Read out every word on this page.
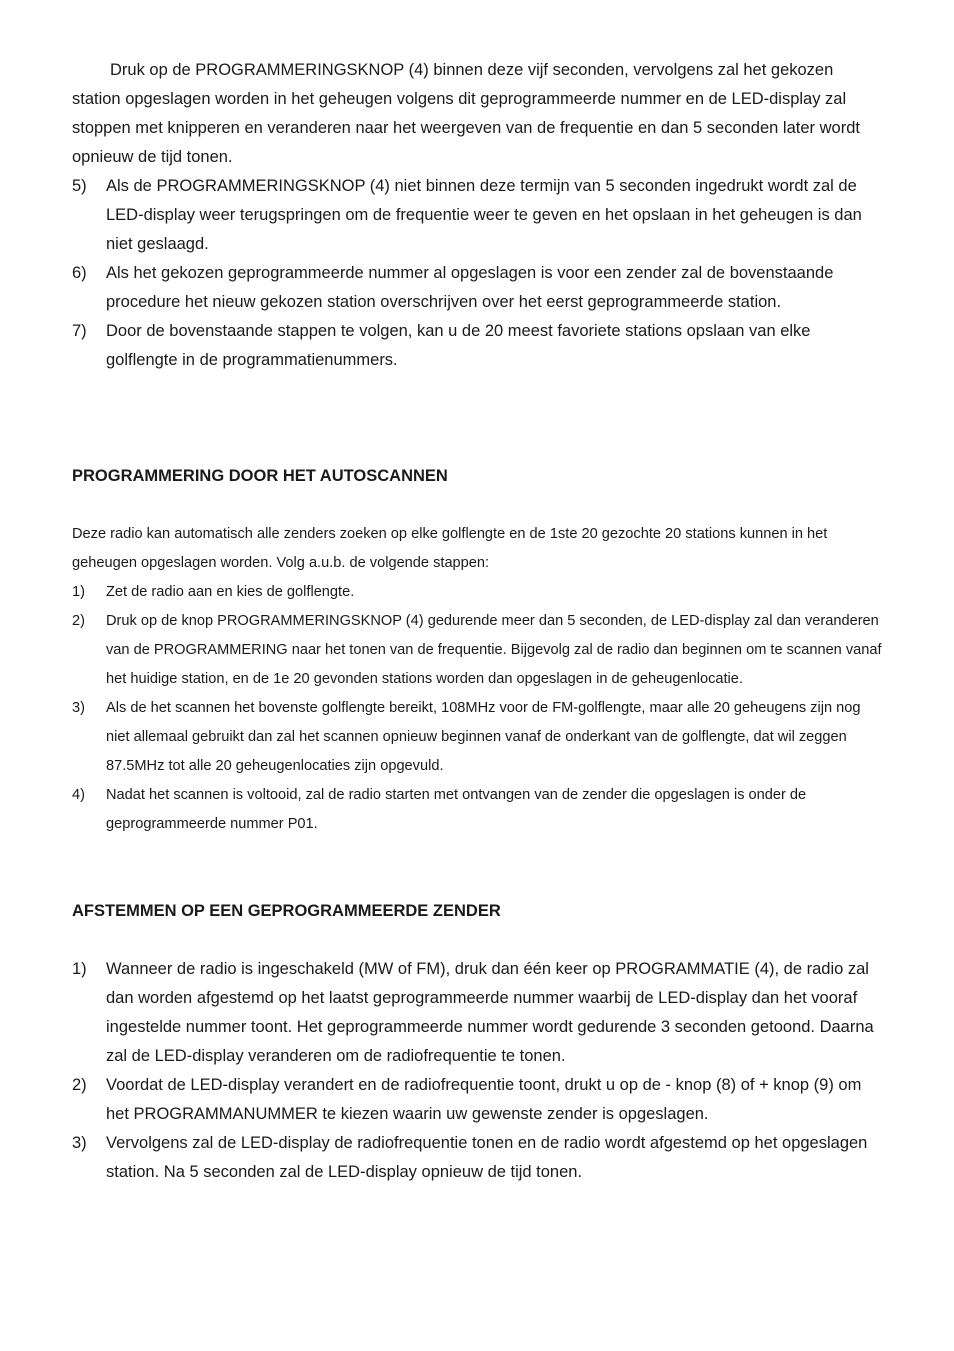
Druk op de PROGRAMMERINGSKNOP (4) binnen deze vijf seconden, vervolgens zal het gekozen station opgeslagen worden in het geheugen volgens dit geprogrammeerde nummer en de LED-display zal stoppen met knipperen en veranderen naar het weergeven van de frequentie en dan 5 seconden later wordt opnieuw de tijd tonen.

5) Als de PROGRAMMERINGSKNOP (4) niet binnen deze termijn van 5 seconden ingedrukt wordt zal de LED-display weer terugspringen om de frequentie weer te geven en het opslaan in het geheugen is dan niet geslaagd.
6) Als het gekozen geprogrammeerde nummer al opgeslagen is voor een zender zal de bovenstaande procedure het nieuw gekozen station overschrijven over het eerst geprogrammeerde station.
7) Door de bovenstaande stappen te volgen, kan u de 20 meest favoriete stations opslaan van elke golflengte in de programmatienummers.
PROGRAMMERING DOOR HET AUTOSCANNEN

Deze radio kan automatisch alle zenders zoeken op elke golflengte en de 1ste 20 gezochte 20 stations kunnen in het geheugen opgeslagen worden. Volg a.u.b. de volgende stappen:

1) Zet de radio aan en kies de golflengte.
2) Druk op de knop PROGRAMMERINGSKNOP (4) gedurende meer dan 5 seconden, de LED-display zal dan veranderen van de PROGRAMMERING naar het tonen van de frequentie. Bijgevolg zal de radio dan beginnen om te scannen vanaf het huidige station, en de 1e 20 gevonden stations worden dan opgeslagen in de geheugenlocatie.
3) Als de het scannen het bovenste golflengte bereikt, 108MHz voor de FM-golflengte, maar alle 20 geheugens zijn nog niet allemaal gebruikt dan zal het scannen opnieuw beginnen vanaf de onderkant van de golflengte, dat wil zeggen 87.5MHz tot alle 20 geheugenlocaties zijn opgevuld.
4) Nadat het scannen is voltooid, zal de radio starten met ontvangen van de zender die opgeslagen is onder de geprogrammeerde nummer P01.
AFSTEMMEN OP EEN GEPROGRAMMEERDE ZENDER
1) Wanneer de radio is ingeschakeld (MW of FM), druk dan één keer op PROGRAMMATIE (4), de radio zal dan worden afgestemd op het laatst geprogrammeerde nummer waarbij de LED-display dan het vooraf ingestelde nummer toont. Het geprogrammeerde nummer wordt gedurende 3 seconden getoond. Daarna zal de LED-display veranderen om de radiofrequentie te tonen.
2) Voordat de LED-display verandert en de radiofrequentie toont, drukt u op de - knop (8) of + knop (9) om het PROGRAMMANUMMER te kiezen waarin uw gewenste zender is opgeslagen.
3) Vervolgens zal de LED-display de radiofrequentie tonen en de radio wordt afgestemd op het opgeslagen station. Na 5 seconden zal de LED-display opnieuw de tijd tonen.
